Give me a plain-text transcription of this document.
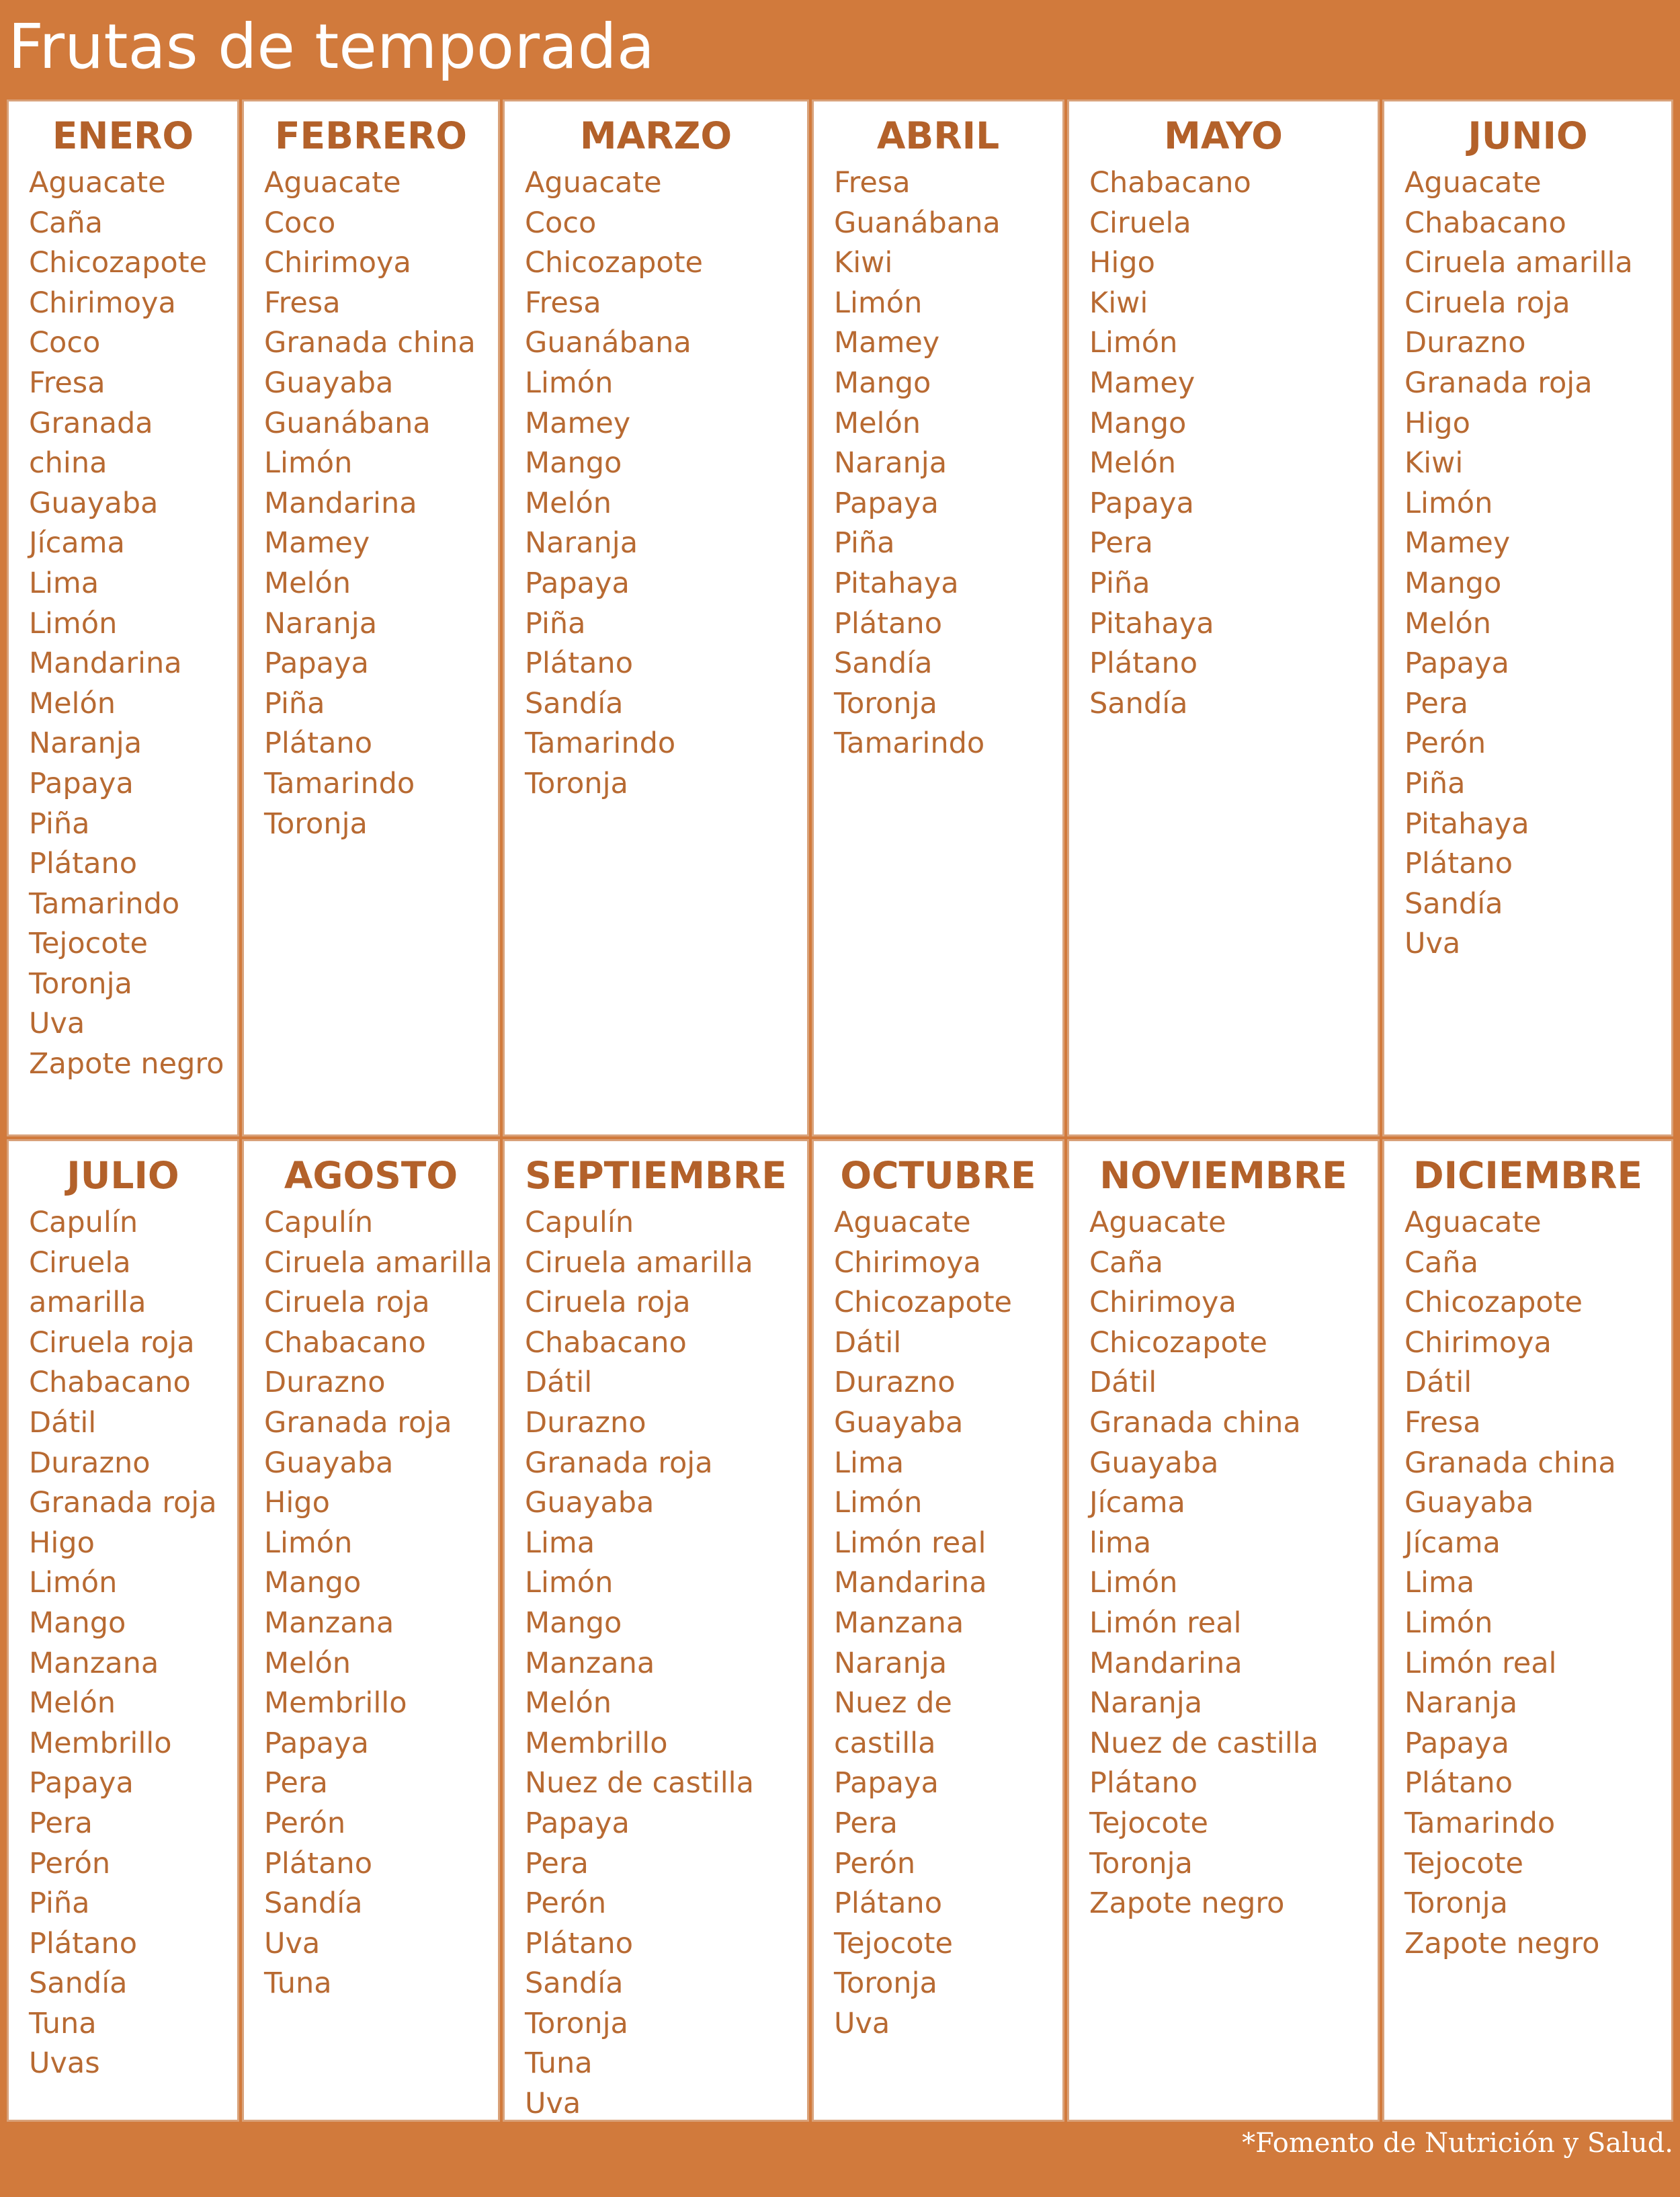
Frutas de temporada
ENERO
Aguacate
Caña
Chicozapote
Chirimoya
Coco
Fresa
Granada
china
Guayaba
Jícama
Lima
Limón
Mandarina
Melón
Naranja
Papaya
Piña
Plátano
Tamarindo
Tejocote
Toronja
Uva
Zapote negro
FEBRERO
Aguacate
Coco
Chirimoya
Fresa
Granada china
Guayaba
Guanábana
Limón
Mandarina
Mamey
Melón
Naranja
Papaya
Piña
Plátano
Tamarindo
Toronja
MARZO
Aguacate
Coco
Chicozapote
Fresa
Guanábana
Limón
Mamey
Mango
Melón
Naranja
Papaya
Piña
Plátano
Sandía
Tamarindo
Toronja
ABRIL
Fresa
Guanábana
Kiwi
Limón
Mamey
Mango
Melón
Naranja
Papaya
Piña
Pitahaya
Plátano
Sandía
Toronja
Tamarindo
MAYO
Chabacano
Ciruela
Higo
Kiwi
Limón
Mamey
Mango
Melón
Papaya
Pera
Piña
Pitahaya
Plátano
Sandía
JUNIO
Aguacate
Chabacano
Ciruela amarilla
Ciruela roja
Durazno
Granada roja
Higo
Kiwi
Limón
Mamey
Mango
Melón
Papaya
Pera
Perón
Piña
Pitahaya
Plátano
Sandía
Uva
JULIO
Capulín
Ciruela
amarilla
Ciruela roja
Chabacano
Dátil
Durazno
Granada roja
Higo
Limón
Mango
Manzana
Melón
Membrillo
Papaya
Pera
Perón
Piña
Plátano
Sandía
Tuna
Uvas
AGOSTO
Capulín
Ciruela amarilla
Ciruela roja
Chabacano
Durazno
Granada roja
Guayaba
Higo
Limón
Mango
Manzana
Melón
Membrillo
Papaya
Pera
Perón
Plátano
Sandía
Uva
Tuna
SEPTIEMBRE
Capulín
Ciruela amarilla
Ciruela roja
Chabacano
Dátil
Durazno
Granada roja
Guayaba
Lima
Limón
Mango
Manzana
Melón
Membrillo
Nuez de castilla
Papaya
Pera
Perón
Plátano
Sandía
Toronja
Tuna
Uva
OCTUBRE
Aguacate
Chirimoya
Chicozapote
Dátil
Durazno
Guayaba
Lima
Limón
Limón real
Mandarina
Manzana
Naranja
Nuez de
castilla
Papaya
Pera
Perón
Plátano
Tejocote
Toronja
Uva
NOVIEMBRE
Aguacate
Caña
Chirimoya
Chicozapote
Dátil
Granada china
Guayaba
Jícama
lima
Limón
Limón real
Mandarina
Naranja
Nuez de castilla
Plátano
Tejocote
Toronja
Zapote negro
DICIEMBRE
Aguacate
Caña
Chicozapote
Chirimoya
Dátil
Fresa
Granada china
Guayaba
Jícama
Lima
Limón
Limón real
Naranja
Papaya
Plátano
Tamarindo
Tejocote
Toronja
Zapote negro
*Fomento de Nutrición y Salud.
